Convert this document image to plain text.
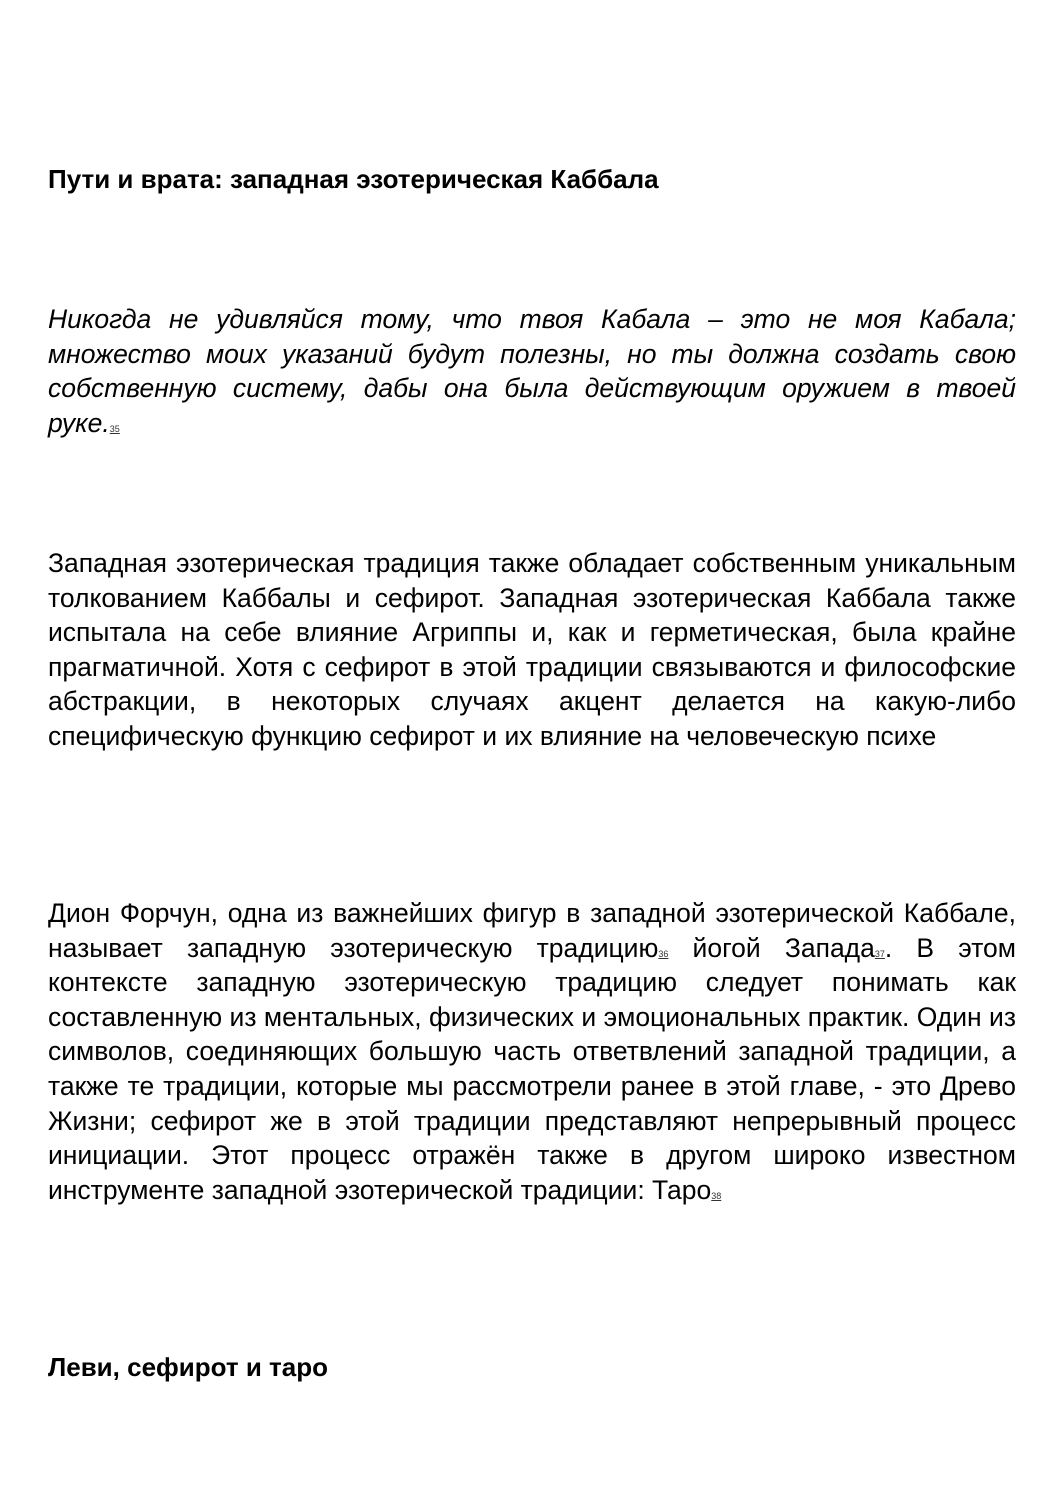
Пути и врата: западная эзотерическая Каббала

Никогда не удивляйся тому, что твоя Кабала – это не моя Кабала; множество моих указаний будут полезны, но ты должна создать свою собственную систему, дабы она была действующим оружием в твоей руке.35

Западная эзотерическая традиция также обладает собственным уникальным толкованием Каббалы и сефирот. Западная эзотерическая Каббала также испытала на себе влияние Агриппы и, как и герметическая, была крайне прагматичной. Хотя с сефирот в этой традиции связываются и философские абстракции, в некоторых случаях акцент делается на какую-либо специфическую функцию сефирот и их влияние на человеческую психе

Дион Форчун, одна из важнейших фигур в западной эзотерической Каббале, называет западную эзотерическую традицию36 йогой Запада37. В этом контексте западную эзотерическую традицию следует понимать как составленную из ментальных, физических и эмоциональных практик. Один из символов, соединяющих большую часть ответвлений западной традиции, а также те традиции, которые мы рассмотрели ранее в этой главе, - это Древо Жизни; сефирот же в этой традиции представляют непрерывный процесс инициации. Этот процесс отражён также в другом широко известном инструменте западной эзотерической традиции: Таро38

Леви, сефирот и таро
